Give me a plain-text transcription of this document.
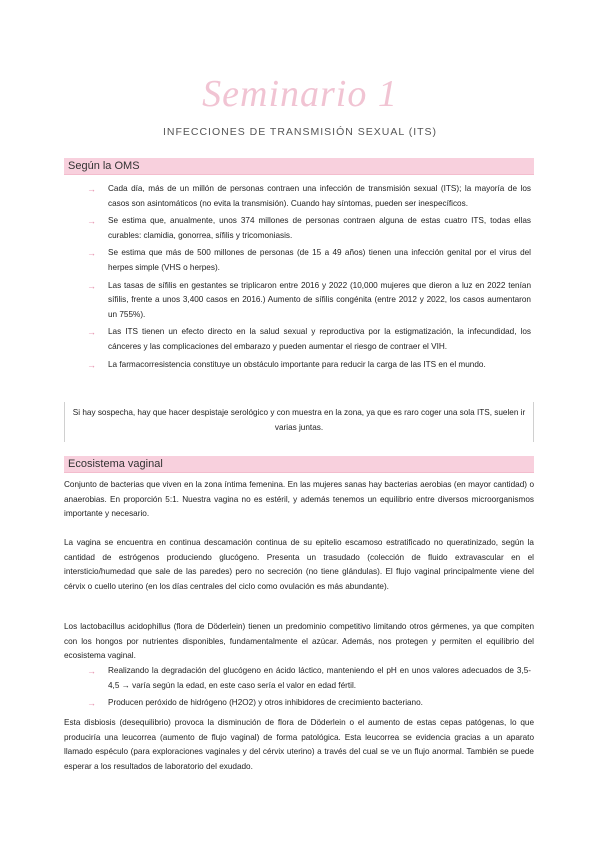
Seminario 1
INFECCIONES DE TRANSMISIÓN SEXUAL (ITS)
Según la OMS
→ Cada día, más de un millón de personas contraen una infección de transmisión sexual (ITS); la mayoría de los casos son asintomáticos (no evita la transmisión). Cuando hay síntomas, pueden ser inespecíficos.
→ Se estima que, anualmente, unos 374 millones de personas contraen alguna de estas cuatro ITS, todas ellas curables: clamidia, gonorrea, sífilis y tricomoniasis.
→ Se estima que más de 500 millones de personas (de 15 a 49 años) tienen una infección genital por el virus del herpes simple (VHS o herpes).
→ Las tasas de sífilis en gestantes se triplicaron entre 2016 y 2022 (10,000 mujeres que dieron a luz en 2022 tenían sífilis, frente a unos 3,400 casos en 2016.) Aumento de sífilis congénita (entre 2012 y 2022, los casos aumentaron un 755%).
→ Las ITS tienen un efecto directo en la salud sexual y reproductiva por la estigmatización, la infecundidad, los cánceres y las complicaciones del embarazo y pueden aumentar el riesgo de contraer el VIH.
→ La farmacorresistencia constituye un obstáculo importante para reducir la carga de las ITS en el mundo.
Si hay sospecha, hay que hacer despistaje serológico y con muestra en la zona, ya que es raro coger una sola ITS, suelen ir varias juntas.
Ecosistema vaginal

Conjunto de bacterias que viven en la zona íntima femenina. En las mujeres sanas hay bacterias aerobias (en mayor cantidad) o anaerobias. En proporción 5:1. Nuestra vagina no es estéril, y además tenemos un equilibrio entre diversos microorganismos importante y necesario.

La vagina se encuentra en continua descamación continua de su epitelio escamoso estratificado no queratinizado, según la cantidad de estrógenos produciendo glucógeno. Presenta un trasudado (colección de fluido extravascular en el intersticio/humedad que sale de las paredes) pero no secreción (no tiene glándulas). El flujo vaginal principalmente viene del cérvix o cuello uterino (en los días centrales del ciclo como ovulación es más abundante).

Los lactobacillus acidophillus (flora de Döderlein) tienen un predominio competitivo limitando otros gérmenes, ya que compiten con los hongos por nutrientes disponibles, fundamentalmente el azúcar. Además, nos protegen y permiten el equilibrio del ecosistema vaginal.

→ Realizando la degradación del glucógeno en ácido láctico, manteniendo el pH en unos valores adecuados de 3,5- 4,5 → varía según la edad, en este caso sería el valor en edad fértil.
→ Producen peróxido de hidrógeno (H2O2) y otros inhibidores de crecimiento bacteriano.

Esta disbiosis (desequilibrio) provoca la disminución de flora de Döderlein o el aumento de estas cepas patógenas, lo que produciría una leucorrea (aumento de flujo vaginal) de forma patológica. Esta leucorrea se evidencia gracias a un aparato llamado espéculo (para exploraciones vaginales y del cérvix uterino) a través del cual se ve un flujo anormal. También se puede esperar a los resultados de laboratorio del exudado.
